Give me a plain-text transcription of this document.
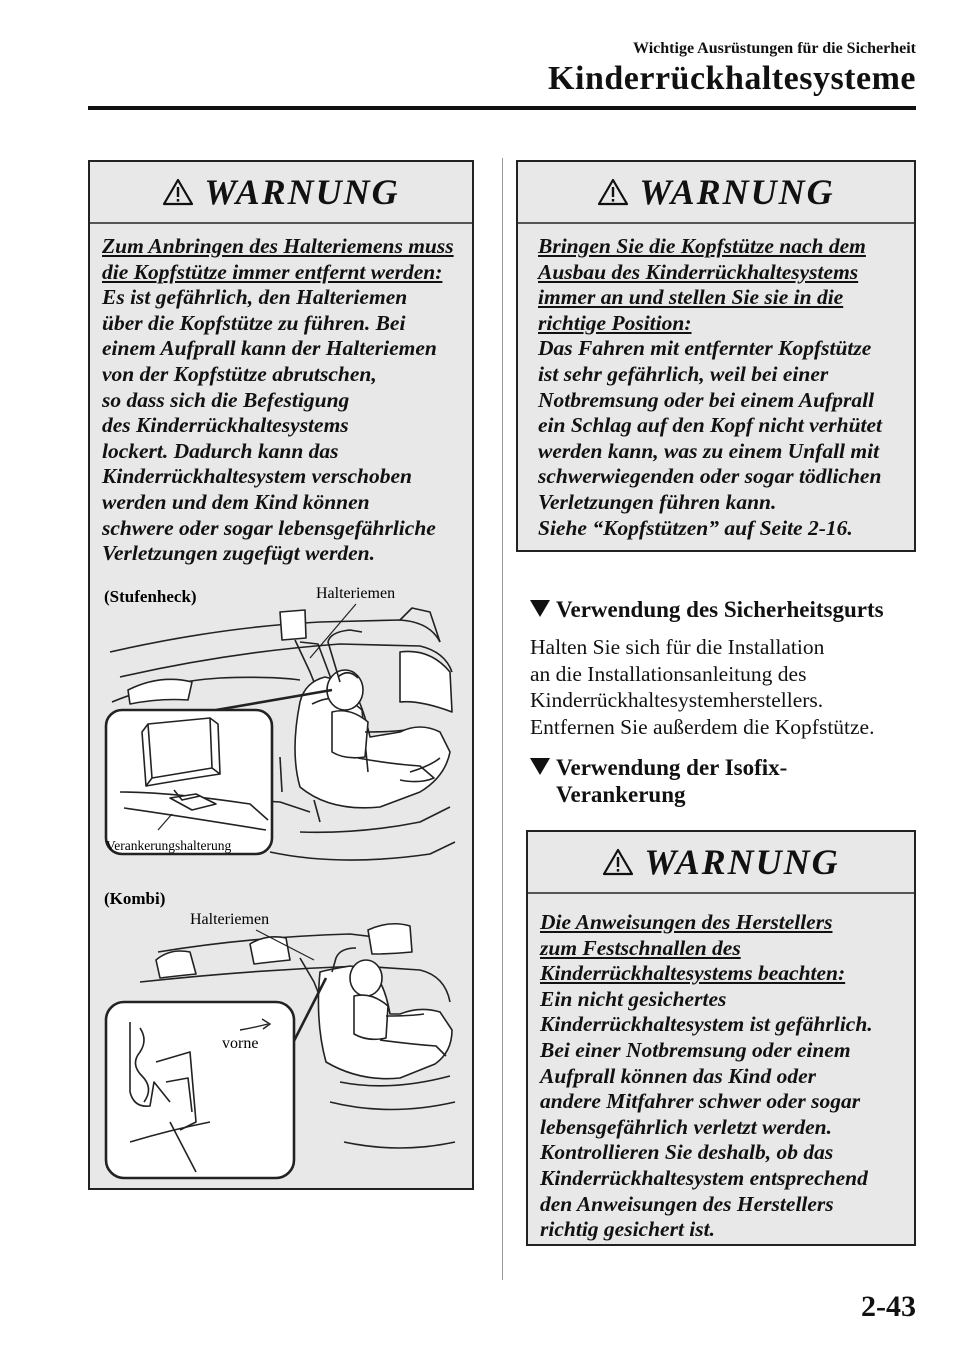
Wichtige Ausrüstungen für die Sicherheit
Kinderrückhaltesysteme
WARNUNG

Zum Anbringen des Halteriemens muss

die Kopfstütze immer entfernt werden:

Es ist gefährlich, den Halteriemen

über die Kopfstütze zu führen. Bei

einem Aufprall kann der Halteriemen

von der Kopfstütze abrutschen,

so dass sich die Befestigung

des Kinderrückhaltesystems

lockert. Dadurch kann das

Kinderrückhaltesystem verschoben

werden und dem Kind können

schwere oder sogar lebensgefährliche

Verletzungen zugefügt werden.

(Stufenheck)	Halteriemen
Verankerungshalterung
vorne
(Kombi)
Halteriemen
WARNUNG

Bringen Sie die Kopfstütze nach dem

Ausbau des Kinderrückhaltesystems

immer an und stellen Sie sie in die

richtige Position:

Das Fahren mit entfernter Kopfstütze

ist sehr gefährlich, weil bei einer

Notbremsung oder bei einem Aufprall

ein Schlag auf den Kopf nicht verhütet

werden kann, was zu einem Unfall mit

schwerwiegenden oder sogar tödlichen

Verletzungen führen kann.

Siehe “Kopfstützen” auf Seite 2-16.

Verwendung des Sicherheitsgurts
Halten Sie sich für die Installation
an die Installationsanleitung des
Kinderrückhaltesystemherstellers.
Entfernen Sie außerdem die Kopfstütze.
Verwendung der Isofix-
Verankerung
WARNUNG

Die Anweisungen des Herstellers

zum Festschnallen des

Kinderrückhaltesystems beachten:

Ein nicht gesichertes

Kinderrückhaltesystem ist gefährlich.

Bei einer Notbremsung oder einem

Aufprall können das Kind oder

andere Mitfahrer schwer oder sogar

lebensgefährlich verletzt werden.

Kontrollieren Sie deshalb, ob das

Kinderrückhaltesystem entsprechend

den Anweisungen des Herstellers

richtig gesichert ist.

2-43
